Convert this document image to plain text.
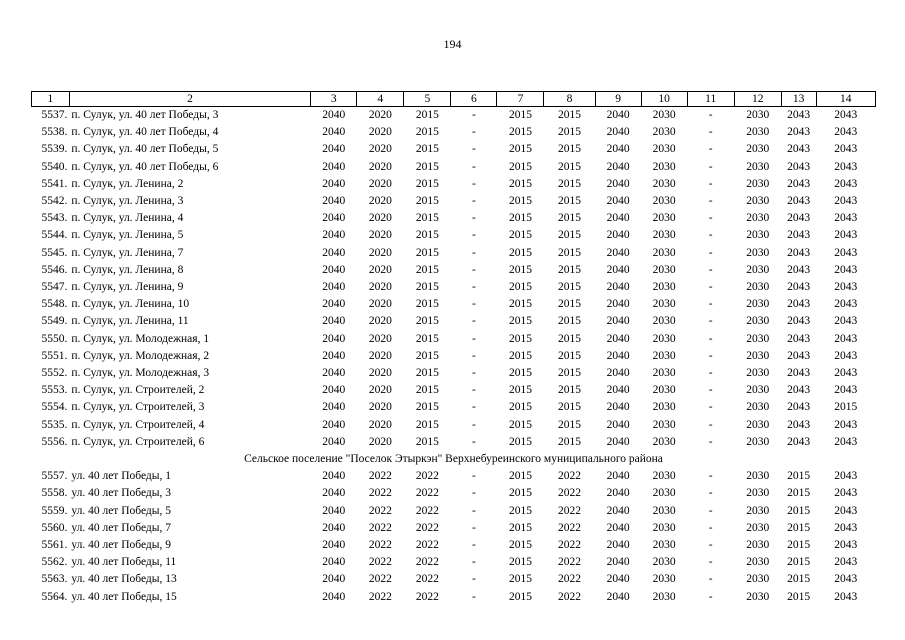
194
1	2	3	4	5	6	7	8	9	10	11	12	13	14
5537.	п. Сулук, ул. 40 лет Победы, 3	2040	2020	2015	-	2015	2015	2040	2030	-	2030	2043	2043
5538.	п. Сулук, ул. 40 лет Победы, 4	2040	2020	2015	-	2015	2015	2040	2030	-	2030	2043	2043
5539.	п. Сулук, ул. 40 лет Победы, 5	2040	2020	2015	-	2015	2015	2040	2030	-	2030	2043	2043
5540.	п. Сулук, ул. 40 лет Победы, 6	2040	2020	2015	-	2015	2015	2040	2030	-	2030	2043	2043
5541.	п. Сулук, ул. Ленина, 2	2040	2020	2015	-	2015	2015	2040	2030	-	2030	2043	2043
5542.	п. Сулук, ул. Ленина, 3	2040	2020	2015	-	2015	2015	2040	2030	-	2030	2043	2043
5543.	п. Сулук, ул. Ленина, 4	2040	2020	2015	-	2015	2015	2040	2030	-	2030	2043	2043
5544.	п. Сулук, ул. Ленина, 5	2040	2020	2015	-	2015	2015	2040	2030	-	2030	2043	2043
5545.	п. Сулук, ул. Ленина, 7	2040	2020	2015	-	2015	2015	2040	2030	-	2030	2043	2043
5546.	п. Сулук, ул. Ленина, 8	2040	2020	2015	-	2015	2015	2040	2030	-	2030	2043	2043
5547.	п. Сулук, ул. Ленина, 9	2040	2020	2015	-	2015	2015	2040	2030	-	2030	2043	2043
5548.	п. Сулук, ул. Ленина, 10	2040	2020	2015	-	2015	2015	2040	2030	-	2030	2043	2043
5549.	п. Сулук, ул. Ленина, 11	2040	2020	2015	-	2015	2015	2040	2030	-	2030	2043	2043
5550.	п. Сулук, ул. Молодежная, 1	2040	2020	2015	-	2015	2015	2040	2030	-	2030	2043	2043
5551.	п. Сулук, ул. Молодежная, 2	2040	2020	2015	-	2015	2015	2040	2030	-	2030	2043	2043
5552.	п. Сулук, ул. Молодежная, 3	2040	2020	2015	-	2015	2015	2040	2030	-	2030	2043	2043
5553.	п. Сулук, ул. Строителей, 2	2040	2020	2015	-	2015	2015	2040	2030	-	2030	2043	2043
5554.	п. Сулук, ул. Строителей, 3	2040	2020	2015	-	2015	2015	2040	2030	-	2030	2043	2015
5535.	п. Сулук, ул. Строителей, 4	2040	2020	2015	-	2015	2015	2040	2030	-	2030	2043	2043
5556.	п. Сулук, ул. Строителей, 6	2040	2020	2015	-	2015	2015	2040	2030	-	2030	2043	2043
Сельское поселение "Поселок Этыркэн" Верхнебуреинского муниципального района													
5557.	ул. 40 лет Победы, 1	2040	2022	2022	-	2015	2022	2040	2030	-	2030	2015	2043
5558.	ул. 40 лет Победы, 3	2040	2022	2022	-	2015	2022	2040	2030	-	2030	2015	2043
5559.	ул. 40 лет Победы, 5	2040	2022	2022	-	2015	2022	2040	2030	-	2030	2015	2043
5560.	ул. 40 лет Победы, 7	2040	2022	2022	-	2015	2022	2040	2030	-	2030	2015	2043
5561.	ул. 40 лет Победы, 9	2040	2022	2022	-	2015	2022	2040	2030	-	2030	2015	2043
5562.	ул. 40 лет Победы, 11	2040	2022	2022	-	2015	2022	2040	2030	-	2030	2015	2043
5563.	ул. 40 лет Победы, 13	2040	2022	2022	-	2015	2022	2040	2030	-	2030	2015	2043
5564.	ул. 40 лет Победы, 15	2040	2022	2022	-	2015	2022	2040	2030	-	2030	2015	2043
